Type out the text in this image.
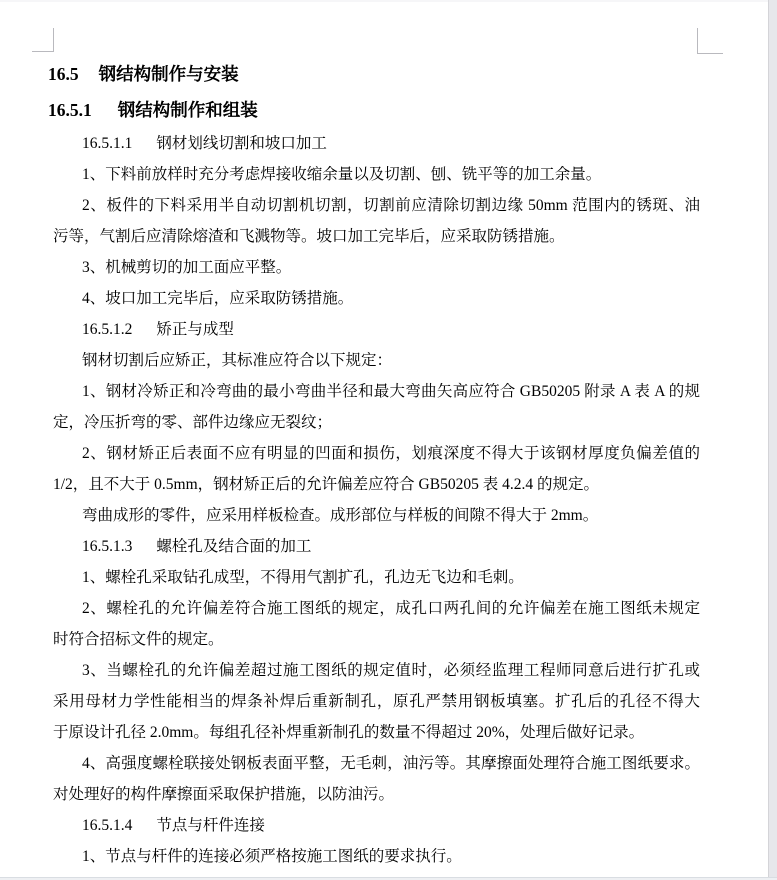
16.5 钢结构制作与安装
16.5.1 钢结构制作和组装
16.5.1.1 钢材划线切割和坡口加工
1、下料前放样时充分考虑焊接收缩余量以及切割、刨、铣平等的加工余量。
2、板件的下料采用半自动切割机切割，切割前应清除切割边缘 50mm 范围内的锈斑、油
污等，气割后应清除熔渣和飞溅物等。坡口加工完毕后，应采取防锈措施。
3、机械剪切的加工面应平整。
4、坡口加工完毕后，应采取防锈措施。
16.5.1.2 矫正与成型
钢材切割后应矫正，其标准应符合以下规定：
1、钢材冷矫正和冷弯曲的最小弯曲半径和最大弯曲矢高应符合 GB50205 附录 A 表 A 的规
定，冷压折弯的零、部件边缘应无裂纹；
2、钢材矫正后表面不应有明显的凹面和损伤，划痕深度不得大于该钢材厚度负偏差值的
1/2，且不大于 0.5mm，钢材矫正后的允许偏差应符合 GB50205 表 4.2.4 的规定。
弯曲成形的零件，应采用样板检查。成形部位与样板的间隙不得大于 2mm。
16.5.1.3 螺栓孔及结合面的加工
1、螺栓孔采取钻孔成型，不得用气割扩孔，孔边无飞边和毛刺。
2、螺栓孔的允许偏差符合施工图纸的规定，成孔口两孔间的允许偏差在施工图纸未规定
时符合招标文件的规定。
3、当螺栓孔的允许偏差超过施工图纸的规定值时，必须经监理工程师同意后进行扩孔或
采用母材力学性能相当的焊条补焊后重新制孔，原孔严禁用钢板填塞。扩孔后的孔径不得大
于原设计孔径 2.0mm。每组孔径补焊重新制孔的数量不得超过 20%，处理后做好记录。
4、高强度螺栓联接处钢板表面平整，无毛刺，油污等。其摩擦面处理符合施工图纸要求。
对处理好的构件摩擦面采取保护措施，以防油污。
16.5.1.4 节点与杆件连接
1、节点与杆件的连接必须严格按施工图纸的要求执行。
